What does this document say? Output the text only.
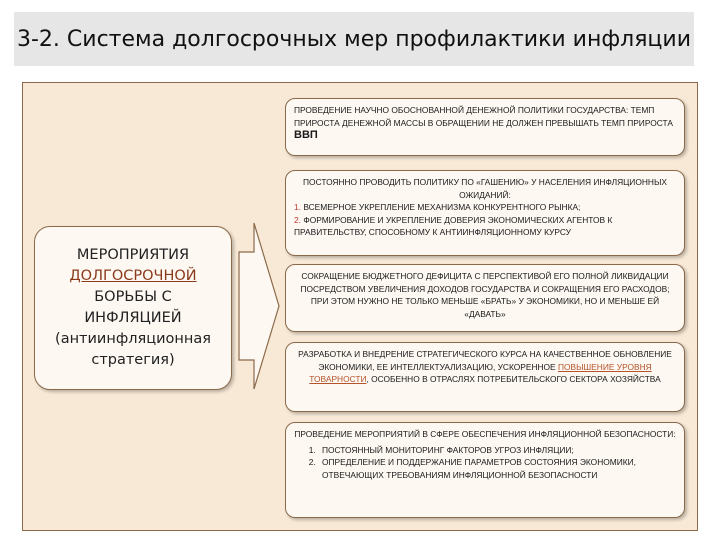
3-2. Система долгосрочных мер профилактики инфляции
МЕРОПРИЯТИЯ
ДОЛГОСРОЧНОЙ
БОРЬБЫ С
ИНФЛЯЦИЕЙ
(антиинфляционная
стратегия)
ПРОВЕДЕНИЕ НАУЧНО ОБОСНОВАННОЙ ДЕНЕЖНОЙ ПОЛИТИКИ ГОСУДАРСТВА: ТЕМП ПРИРОСТА ДЕНЕЖНОЙ МАССЫ В ОБРАЩЕНИИ НЕ ДОЛЖЕН ПРЕВЫШАТЬ ТЕМП ПРИРОСТА ВВП
ПОСТОЯННО ПРОВОДИТЬ ПОЛИТИКУ ПО «ГАШЕНИЮ» У НАСЕЛЕНИЯ ИНФЛЯЦИОННЫХ ОЖИДАНИЙ:
1. ВСЕМЕРНОЕ УКРЕПЛЕНИЕ МЕХАНИЗМА КОНКУРЕНТНОГО РЫНКА;
2. ФОРМИРОВАНИЕ И УКРЕПЛЕНИЕ ДОВЕРИЯ ЭКОНОМИЧЕСКИХ АГЕНТОВ К ПРАВИТЕЛЬСТВУ, СПОСОБНОМУ К АНТИИНФЛЯЦИОННОМУ КУРСУ
СОКРАЩЕНИЕ БЮДЖЕТНОГО ДЕФИЦИТА С ПЕРСПЕКТИВОЙ ЕГО ПОЛНОЙ ЛИКВИДАЦИИ ПОСРЕДСТВОМ УВЕЛИЧЕНИЯ ДОХОДОВ ГОСУДАРСТВА И СОКРАЩЕНИЯ ЕГО РАСХОДОВ; ПРИ ЭТОМ НУЖНО НЕ ТОЛЬКО МЕНЬШЕ «БРАТЬ» У ЭКОНОМИКИ, НО И МЕНЬШЕ ЕЙ «ДАВАТЬ»
РАЗРАБОТКА И ВНЕДРЕНИЕ СТРАТЕГИЧЕСКОГО КУРСА НА КАЧЕСТВЕННОЕ ОБНОВЛЕНИЕ ЭКОНОМИКИ, ЕЕ ИНТЕЛЛЕКТУАЛИЗАЦИЮ, УСКОРЕННОЕ ПОВЫШЕНИЕ УРОВНЯ ТОВАРНОСТИ, ОСОБЕННО В ОТРАСЛЯХ ПОТРЕБИТЕЛЬСКОГО СЕКТОРА ХОЗЯЙСТВА
ПРОВЕДЕНИЕ МЕРОПРИЯТИЙ В СФЕРЕ ОБЕСПЕЧЕНИЯ ИНФЛЯЦИОННОЙ БЕЗОПАСНОСТИ:
1. ПОСТОЯННЫЙ МОНИТОРИНГ ФАКТОРОВ УГРОЗ ИНФЛЯЦИИ;
2. ОПРЕДЕЛЕНИЕ И ПОДДЕРЖАНИЕ ПАРАМЕТРОВ СОСТОЯНИЯ ЭКОНОМИКИ, ОТВЕЧАЮЩИХ ТРЕБОВАНИЯМ ИНФЛЯЦИОННОЙ БЕЗОПАСНОСТИ
